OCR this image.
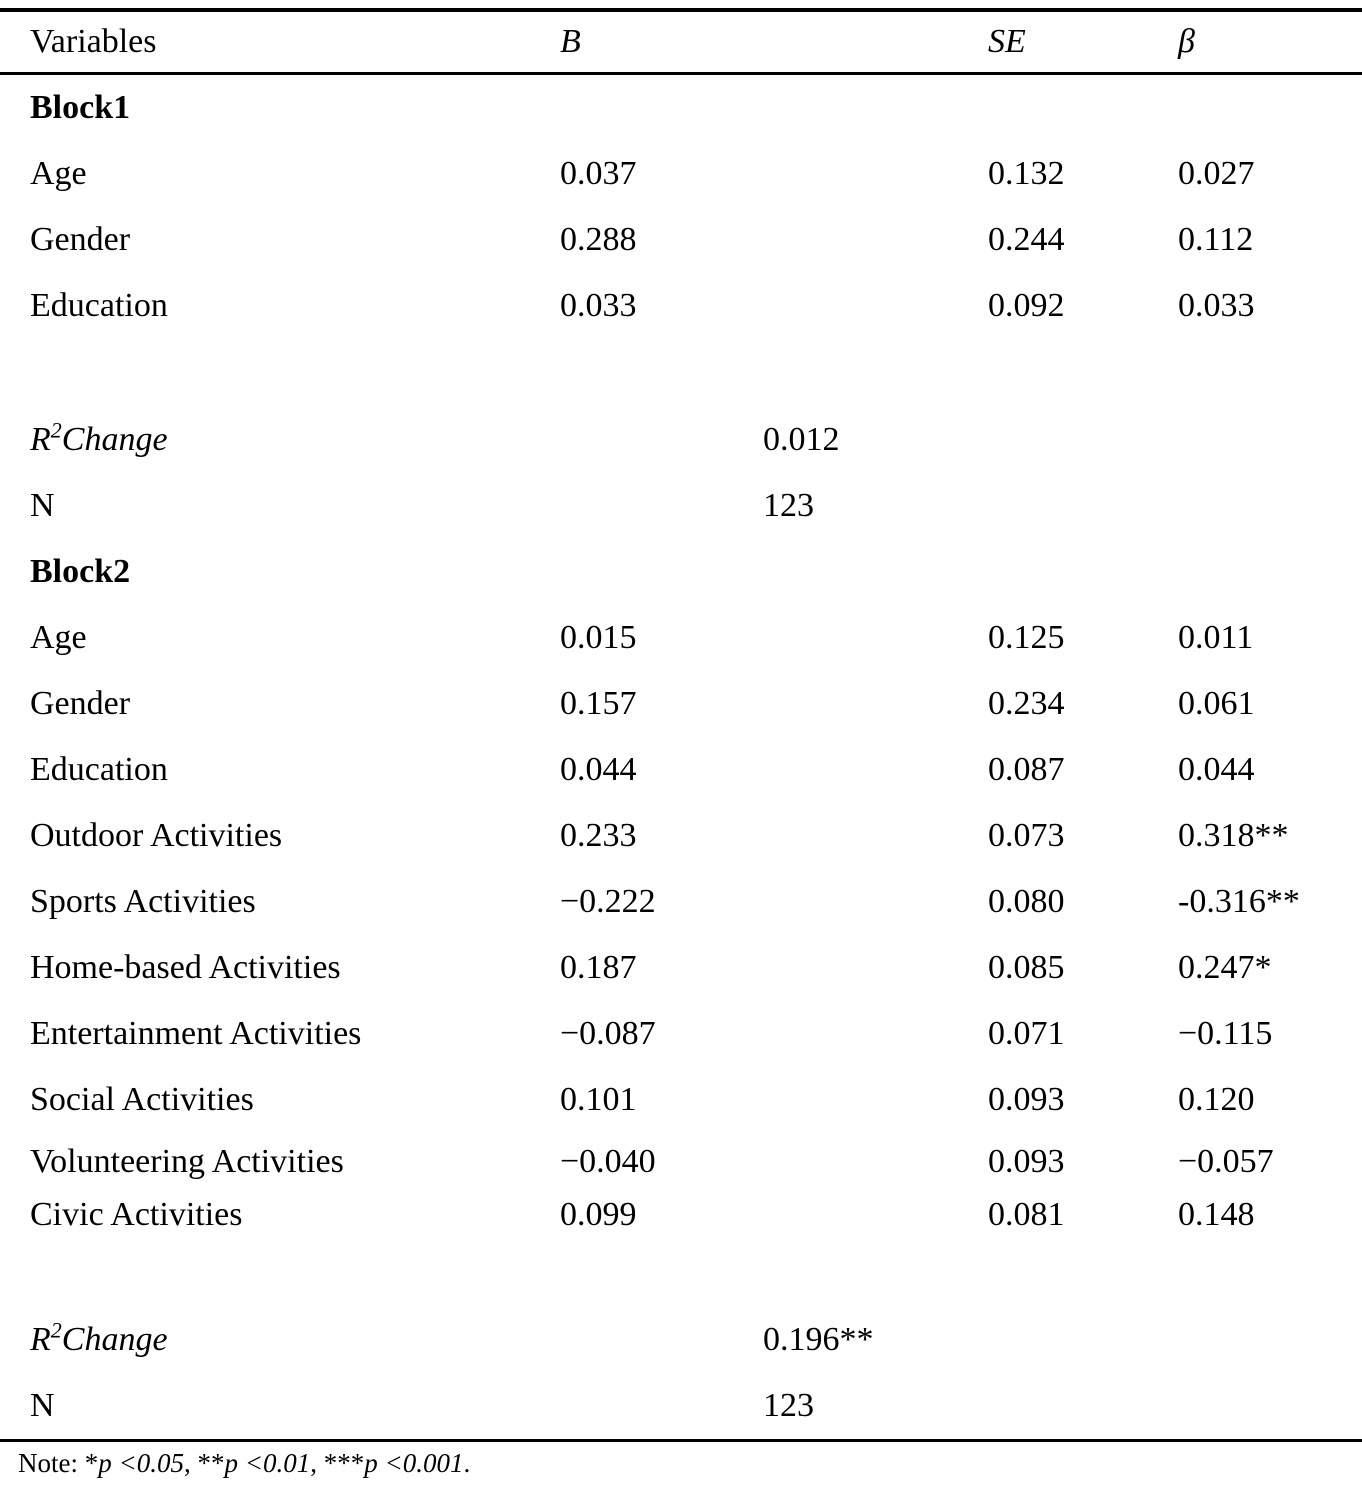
Variables	B	SE	β
Block1
Age	0.037	0.132	0.027
Gender	0.288	0.244	0.112
Education	0.033	0.092	0.033
$R^2Change$	0.012
N	123
Block2
Age	0.015	0.125	0.011
Gender	0.157	0.234	0.061
Education	0.044	0.087	0.044
Outdoor Activities	0.233	0.073	0.318**
Sports Activities	−0.222	0.080	-0.316**
Home-based Activities	0.187	0.085	0.247*
Entertainment Activities	−0.087	0.071	−0.115
Social Activities	0.101	0.093	0.120
Volunteering Activities	−0.040	0.093	−0.057
Civic Activities	0.099	0.081	0.148
$R^2Change$	0.196**
N	123
Note: *p <0.05, **p <0.01, ***p <0.001.
